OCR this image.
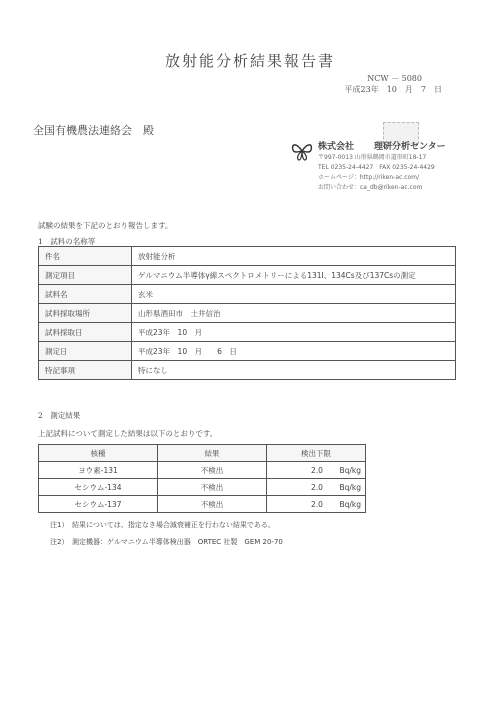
放射能分析結果報告書
NCW － 5080
平成23年 10　月 7　日
全国有機農法連絡会　殿
株式会社 理研分析センター
〒997-0013 山形県鶴岡市道形町18-17
TEL 0235-24-4427　FAX 0235-24-4429
ホームページ：http://riken-ac.com/
お問い合わせ：ca_db@riken-ac.com
試験の結果を下記のとおり報告します。
1　試料の名称等
件名	放射能分析
測定項目	ゲルマニウム半導体γ線スペクトロメトリーによる131I、134Cs及び137Csの測定
試料名	玄米
試料採取場所	山形県酒田市　土井信治
試料採取日	平成23年　10　月
測定日	平成23年　10　月　　6　日
特記事項	特になし
2　測定結果
上記試料について測定した結果は以下のとおりです。
核種	結果	検出下限
ヨウ素-131	不検出	2.0 Bq/kg

セシウム-134	不検出	2.0 Bq/kg

セシウム-137	不検出	2.0 Bq/kg
注1）　結果については、指定なき場合減衰補正を行わない結果である。
注2）　測定機器：ゲルマニウム半導体検出器　ORTEC 社製　GEM 20-70
